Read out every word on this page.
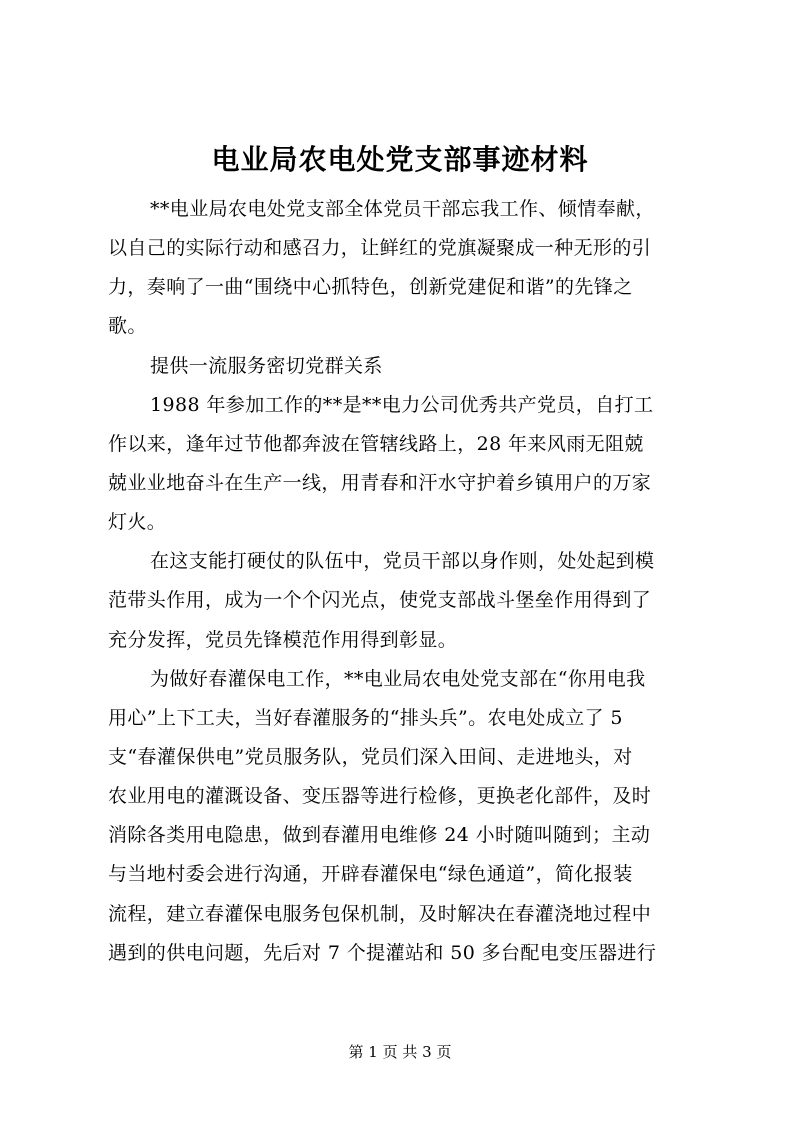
电业局农电处党支部事迹材料
**电业局农电处党支部全体党员干部忘我工作、倾情奉献，
以自己的实际行动和感召力，让鲜红的党旗凝聚成一种无形的引
力，奏响了一曲“围绕中心抓特色，创新党建促和谐”的先锋之
歌。
提供一流服务密切党群关系
1988 年参加工作的**是**电力公司优秀共产党员，自打工
作以来，逢年过节他都奔波在管辖线路上，28 年来风雨无阻兢
兢业业地奋斗在生产一线，用青春和汗水守护着乡镇用户的万家
灯火。
在这支能打硬仗的队伍中，党员干部以身作则，处处起到模
范带头作用，成为一个个闪光点，使党支部战斗堡垒作用得到了
充分发挥，党员先锋模范作用得到彰显。
为做好春灌保电工作，**电业局农电处党支部在“你用电我
用心”上下工夫，当好春灌服务的“排头兵”。农电处成立了 5
支“春灌保供电”党员服务队，党员们深入田间、走进地头，对
农业用电的灌溉设备、变压器等进行检修，更换老化部件，及时
消除各类用电隐患，做到春灌用电维修 24 小时随叫随到；主动
与当地村委会进行沟通，开辟春灌保电“绿色通道”，简化报装
流程，建立春灌保电服务包保机制，及时解决在春灌浇地过程中
遇到的供电问题，先后对 7 个提灌站和 50 多台配电变压器进行
第 1 页 共 3 页
